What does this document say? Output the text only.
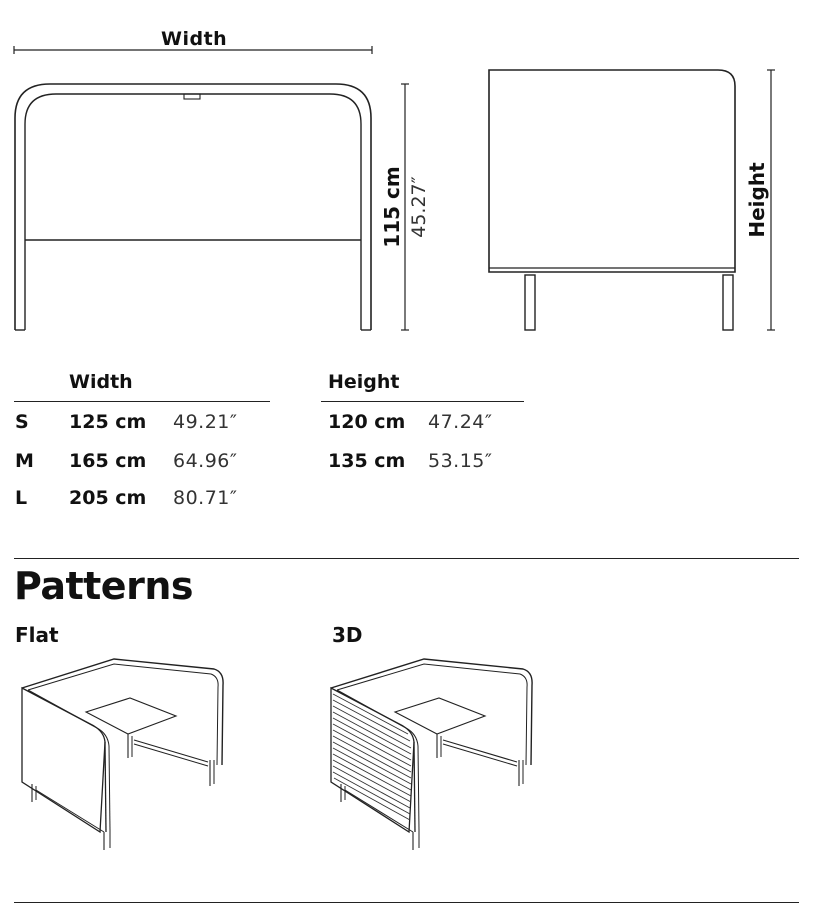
Width
115 cm 45.27″	Height
Width
S 125 cm 49.21″
M 165 cm 64.96″
L 205 cm 80.71″
Height
120 cm 47.24″
135 cm 53.15″
Patterns
Flat	3D
